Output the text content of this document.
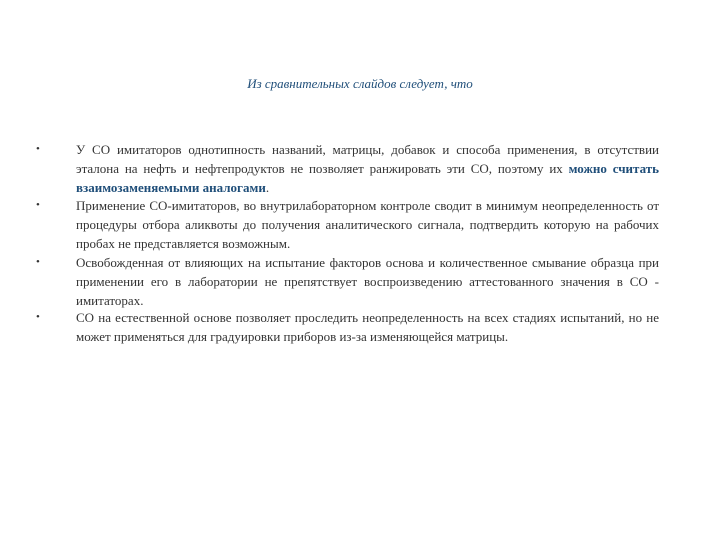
Из сравнительных слайдов следует, что
•	У СО имитаторов однотипность названий, матрицы, добавок и способа применения, в отсутствии эталона на нефть и нефтепродуктов не позволяет ранжировать эти СО, поэтому их можно считать взаимозаменяемыми аналогами.
•	Применение СО-имитаторов, во внутрилабораторном контроле сводит в минимум неопределенность от процедуры отбора аликвоты до получения аналитического сигнала, подтвердить которую на рабочих пробах не представляется возможным.
•	Освобожденная от влияющих на испытание факторов основа и количественное смывание образца при применении его в лаборатории не препятствует воспроизведению аттестованного значения в СО - имитаторах.
•	СО на естественной основе позволяет проследить неопределенность на всех стадиях испытаний, но не может применяться для градуировки приборов из-за изменяющейся матрицы.
